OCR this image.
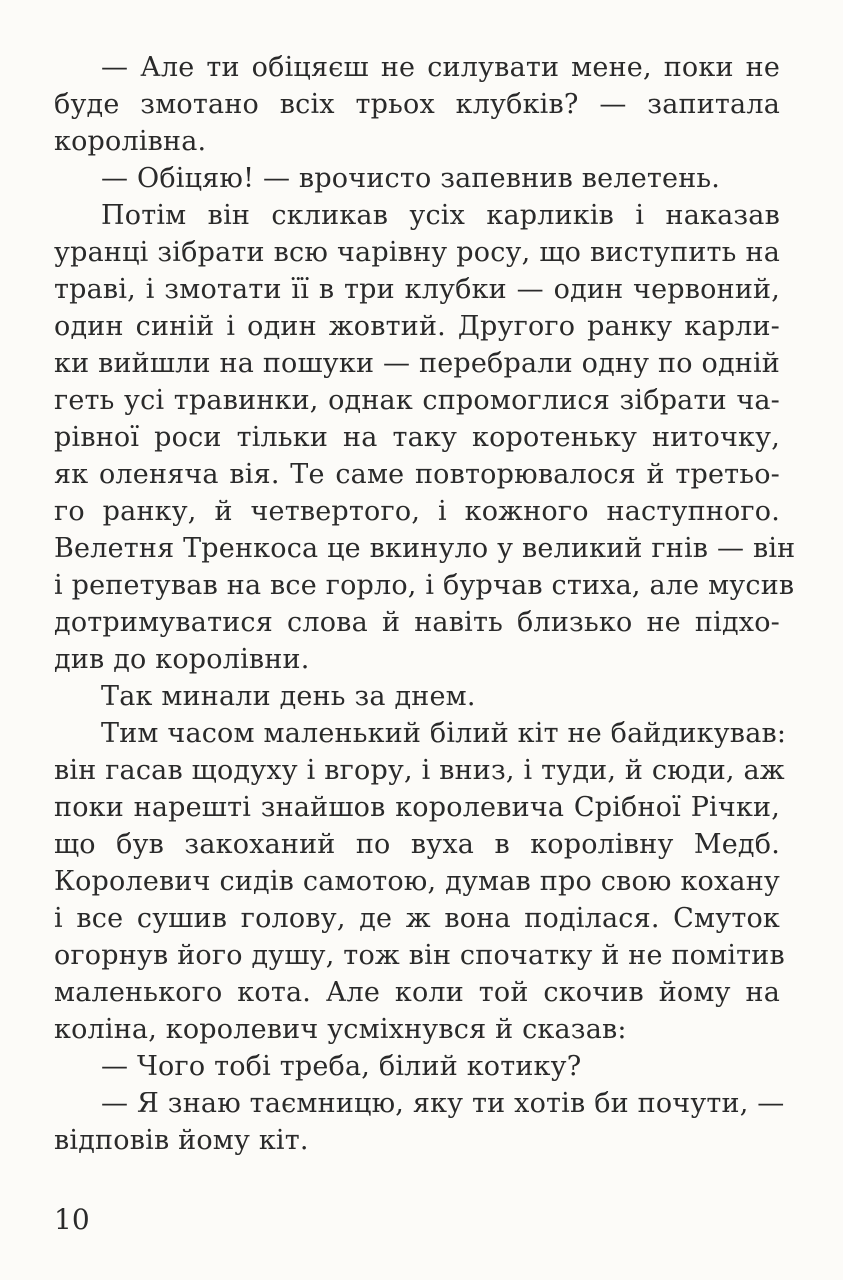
— Але ти обіцяєш не силувати мене, поки не
буде змотано всіх трьох клубків? — запитала
королівна.
— Обіцяю! — врочисто запевнив велетень.
Потім він скликав усіх карликів і наказав
уранці зібрати всю чарівну росу, що виступить на
траві, і змотати її в три клубки — один червоний,
один синій і один жовтий. Другого ранку карли-
ки вийшли на пошуки — перебрали одну по одній
геть усі травинки, однак спромоглися зібрати ча-
рівної роси тільки на таку коротеньку ниточку,
як оленяча вія. Те саме повторювалося й третьо-
го ранку, й четвертого, і кожного наступного.
Велетня Тренкоса це вкинуло у великий гнів — він
і репетував на все горло, і бурчав стиха, але мусив
дотримуватися слова й навіть близько не підхо-
див до королівни.
Так минали день за днем.
Тим часом маленький білий кіт не байдикував:
він гасав щодуху і вгору, і вниз, і туди, й сюди, аж
поки нарешті знайшов королевича Срібної Річки,
що був закоханий по вуха в королівну Медб.
Королевич сидів самотою, думав про свою кохану
і все сушив голову, де ж вона поділася. Смуток
огорнув його душу, тож він спочатку й не помітив
маленького кота. Але коли той скочив йому на
коліна, королевич усміхнувся й сказав:
— Чого тобі треба, білий котику?
— Я знаю таємницю, яку ти хотів би почути, —
відповів йому кіт.
10
